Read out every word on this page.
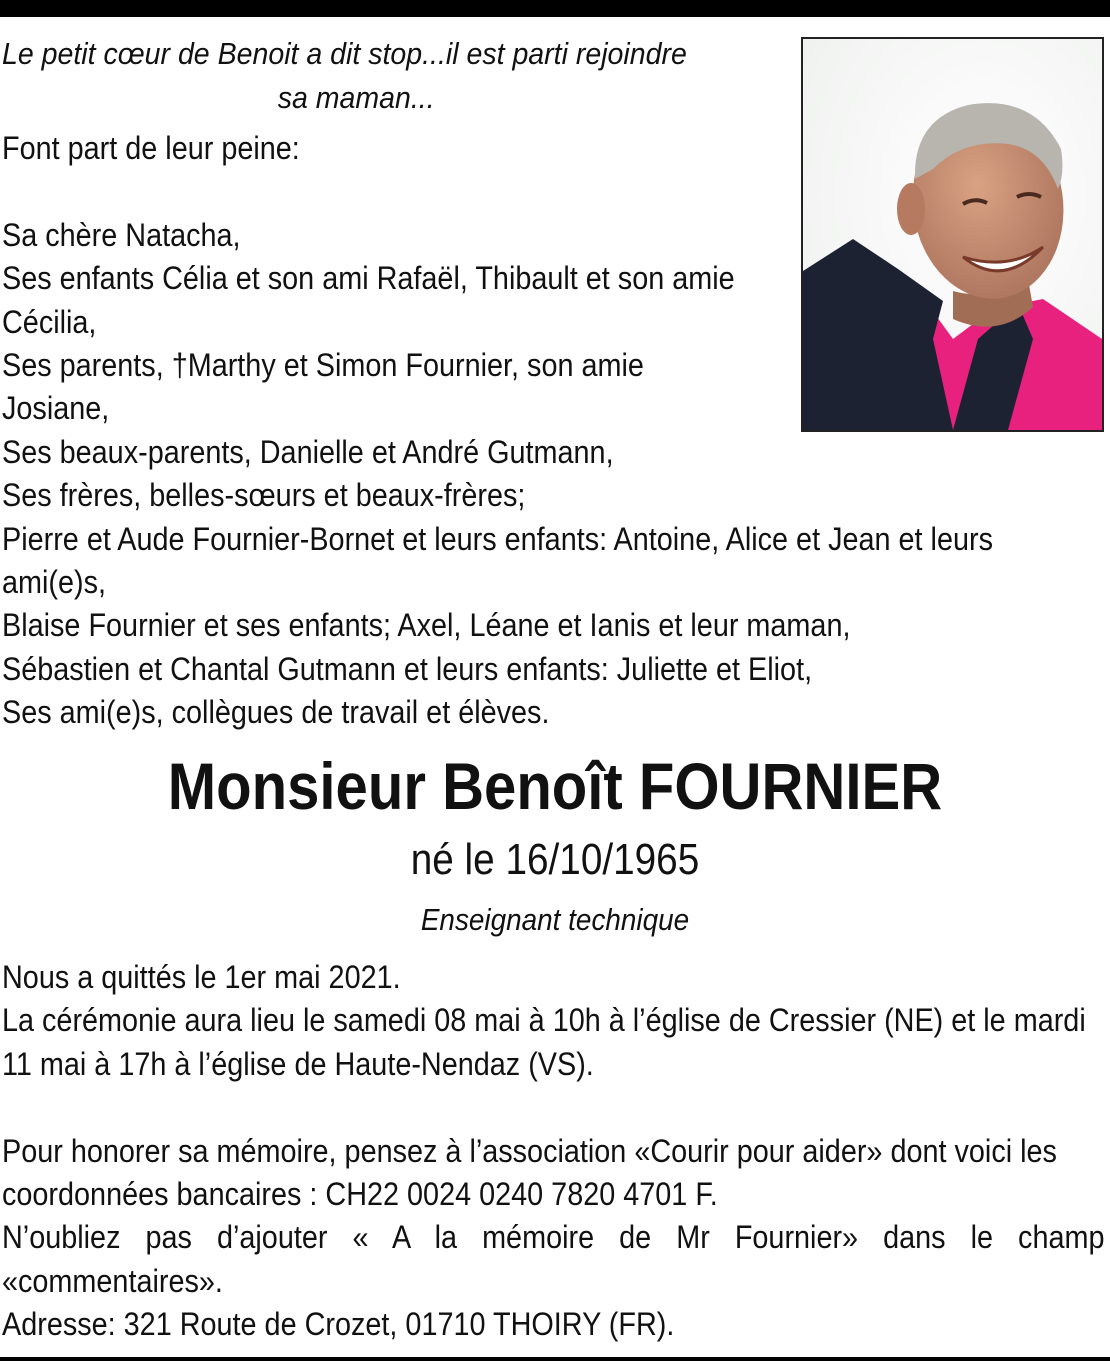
Le petit cœur de Benoit a dit stop...il est parti rejoindre
sa maman...

Font part de leur peine:

Sa chère Natacha,

Ses enfants Célia et son ami Rafaël, Thibault et son amie Cécilia,

Ses parents, †Marthy et Simon Fournier, son amie Josiane,

Ses beaux-parents, Danielle et André Gutmann,

Ses frères, belles-sœurs et beaux-frères;

Pierre et Aude Fournier-Bornet et leurs enfants: Antoine, Alice et Jean et leurs ami(e)s,

Blaise Fournier et ses enfants; Axel, Léane et Ianis et leur maman,

Sébastien et Chantal Gutmann et leurs enfants: Juliette et Eliot,

Ses ami(e)s, collègues de travail et élèves.

Monsieur Benoît FOURNIER
né le 16/10/1965
Enseignant technique

Nous a quittés le 1er mai 2021.

La cérémonie aura lieu le samedi 08 mai à 10h à l’église de Cressier (NE) et le mardi 11 mai à 17h à l’église de Haute-Nendaz (VS).

Pour honorer sa mémoire, pensez à l’association «Courir pour aider» dont voici les coordonnées bancaires : CH22 0024 0240 7820 4701 F.

N’oubliez pas d’ajouter « A la mémoire de Mr Fournier» dans le champ «commentaires».

Adresse: 321 Route de Crozet, 01710 THOIRY (FR).
